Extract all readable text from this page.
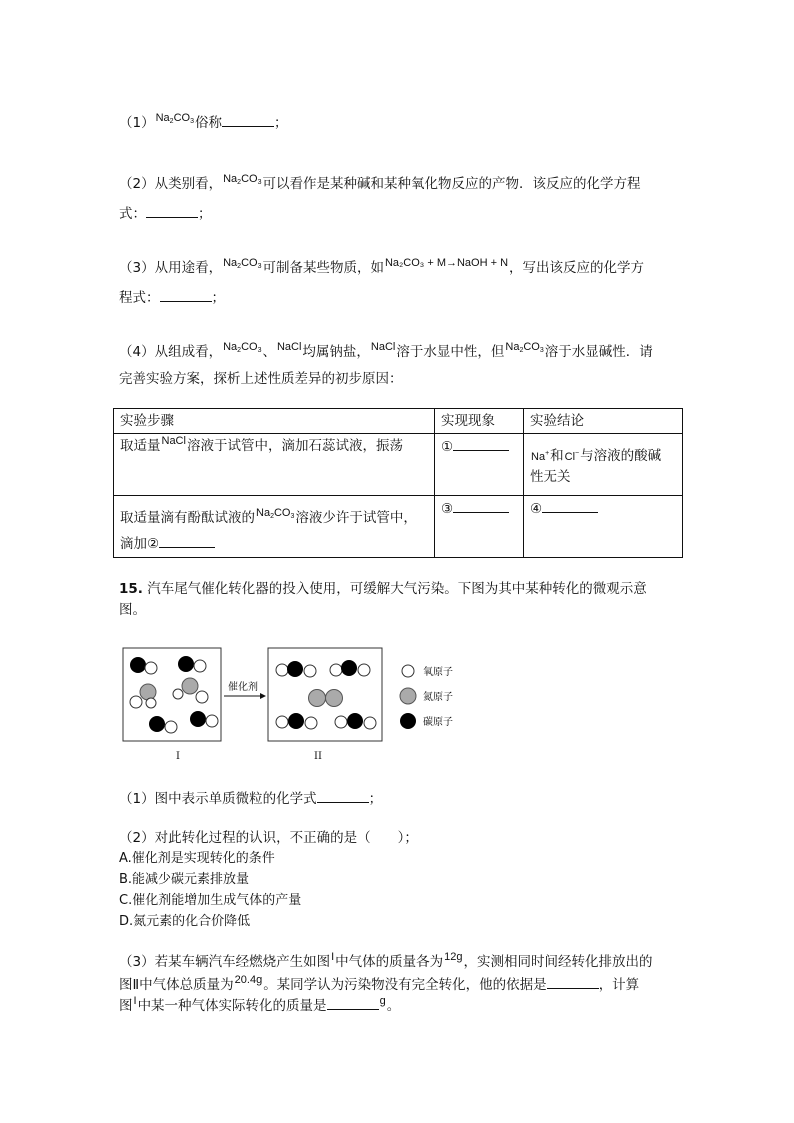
$(1)^{Na_2CO_3}$俗称	；
（2）从类别看，$^{Na_2CO_3}$可以看作是某种碱和某种氧化物反应的产物．该反应的化学方程
式：	；
（3）从用途看，$^{Na_2CO_3}$可制备某些物质，如$^{Na_2CO_3 + M\to NaOH + N}$，写出该反应的化学方
程式：	；
（4）从组成看，$^{Na_2CO_3}$、$^{NaCl}$均属钠盐，$^{NaCl}$溶于水显中性，但$^{Na_2CO_3}$溶于水显碱性．请
完善实验方案，探析上述性质差异的初步原因：
实验步骤	实现现象	实验结论
取适量$^{NaCl}$溶液于试管中，滴加石蕊试液，振荡	①	Na+和Cl−与溶液的酸碱
性无关

取适量滴有酚酞试液的$^{Na_2CO_3}$溶液少许于试管中，
滴加②	③	④
15. 汽车尾气催化转化器的投入使用，可缓解大气污染。下图为其中某种转化的微观示意
图。
催化剂
I	II
氧原子
氮原子
碳原子
（1）图中表示单质微粒的化学式	；
（2）对此转化过程的认识，不正确的是（　　）；
A.催化剂是实现转化的条件
B.能减少碳元素排放量
C.催化剂能增加生成气体的产量
D.氮元素的化合价降低
（3）若某车辆汽车经燃烧产生如图$^I$中气体的质量各为$^{12g}$，实测相同时间经转化排放出的
图Ⅱ中气体总质量为$^{20.4g}$。某同学认为污染物没有完全转化，他的依据是	，计算
图$^I$中某一种气体实际转化的质量是	$^g$。
